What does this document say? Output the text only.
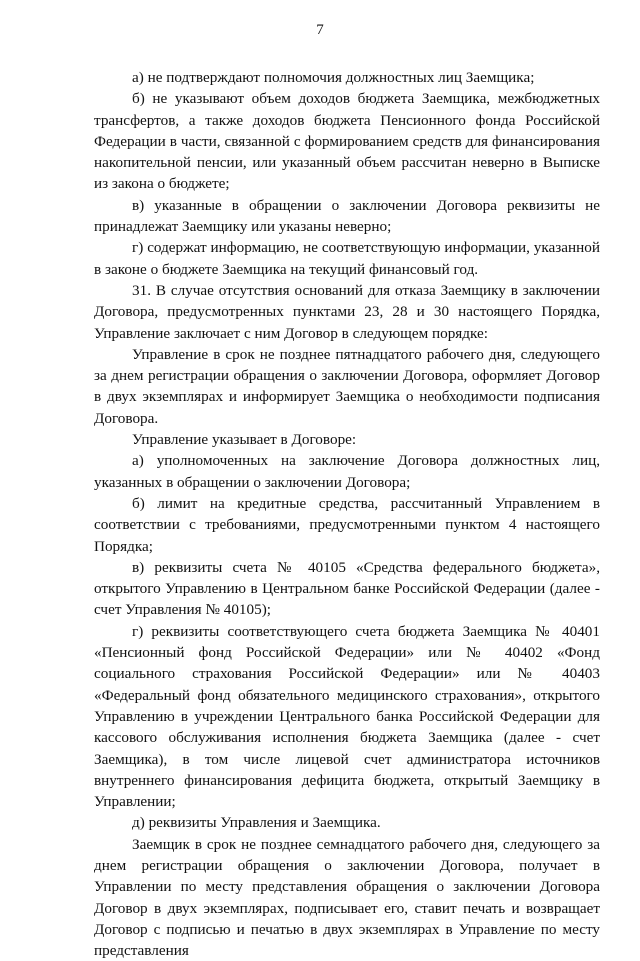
7

а) не подтверждают полномочия должностных лиц Заемщика;

б) не указывают объем доходов бюджета Заемщика, межбюджетных трансфертов, а также доходов бюджета Пенсионного фонда Российской Федерации в части, связанной с формированием средств для финансирования накопительной пенсии, или указанный объем рассчитан неверно в Выписке из закона о бюджете;

в) указанные в обращении о заключении Договора реквизиты не принадлежат Заемщику или указаны неверно;

г) содержат информацию, не соответствующую информации, указанной в законе о бюджете Заемщика на текущий финансовый год.

31. В случае отсутствия оснований для отказа Заемщику в заключении Договора, предусмотренных пунктами 23, 28 и 30 настоящего Порядка, Управление заключает с ним Договор в следующем порядке:

Управление в срок не позднее пятнадцатого рабочего дня, следующего за днем регистрации обращения о заключении Договора, оформляет Договор в двух экземплярах и информирует Заемщика о необходимости подписания Договора.

Управление указывает в Договоре:

а) уполномоченных на заключение Договора должностных лиц, указанных в обращении о заключении Договора;

б) лимит на кредитные средства, рассчитанный Управлением в соответствии с требованиями, предусмотренными пунктом 4 настоящего Порядка;

в) реквизиты счета № 40105 «Средства федерального бюджета», открытого Управлению в Центральном банке Российской Федерации (далее - счет Управления № 40105);

г) реквизиты соответствующего счета бюджета Заемщика № 40401 «Пенсионный фонд Российской Федерации» или № 40402 «Фонд социального страхования Российской Федерации» или № 40403 «Федеральный фонд обязательного медицинского страхования», открытого Управлению в учреждении Центрального банка Российской Федерации для кассового обслуживания исполнения бюджета Заемщика (далее - счет Заемщика), в том числе лицевой счет администратора источников внутреннего финансирования дефицита бюджета, открытый Заемщику в Управлении;

д) реквизиты Управления и Заемщика.

Заемщик в срок не позднее семнадцатого рабочего дня, следующего за днем регистрации обращения о заключении Договора, получает в Управлении по месту представления обращения о заключении Договора Договор в двух экземплярах, подписывает его, ставит печать и возвращает Договор с подписью и печатью в двух экземплярах в Управление по месту представления
